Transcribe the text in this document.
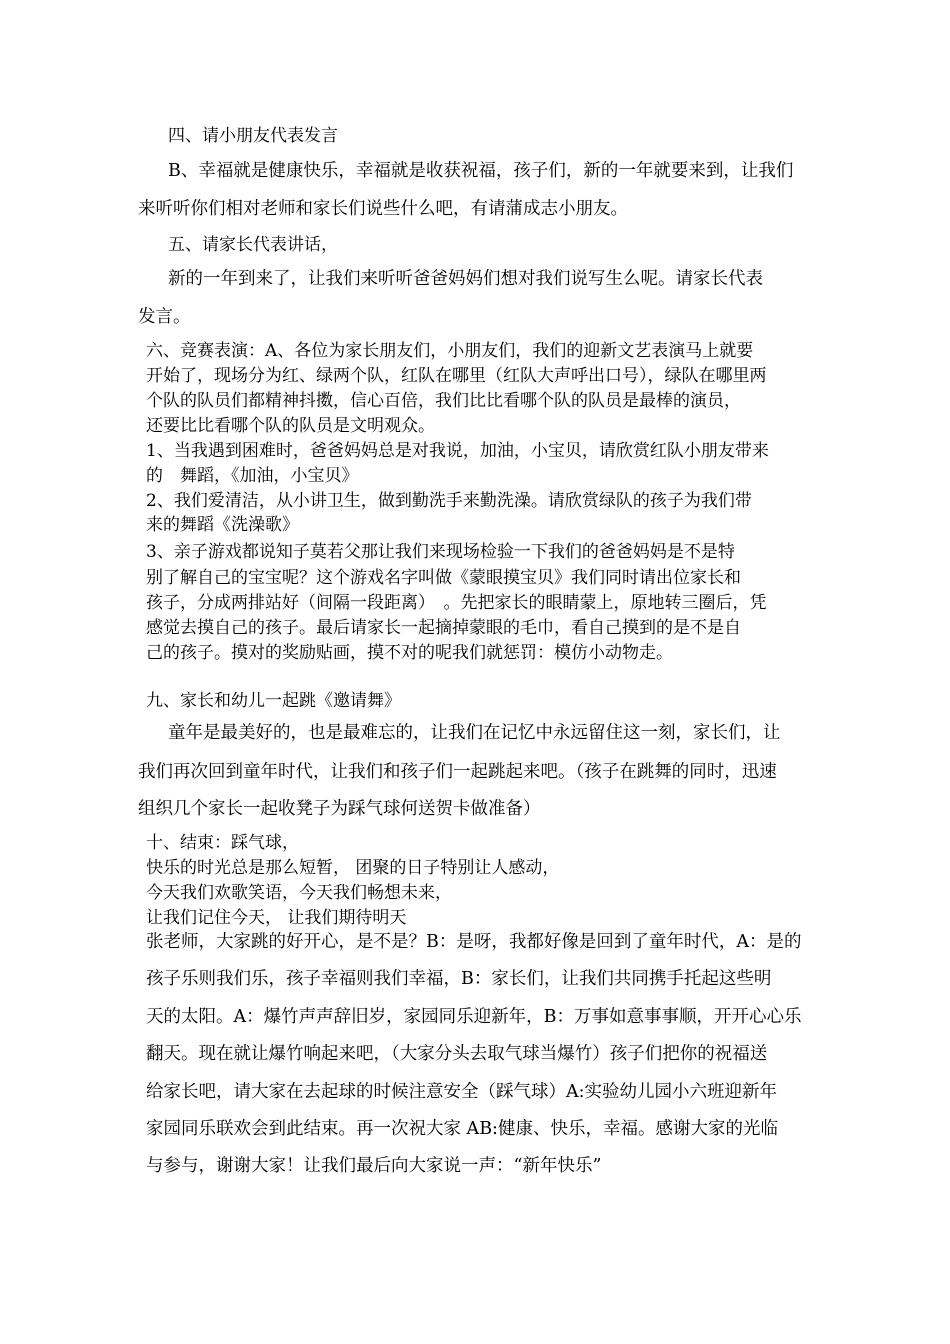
四、请小朋友代表发言

B、幸福就是健康快乐，幸福就是收获祝福，孩子们，新的一年就要来到，让我们

来听听你们相对老师和家长们说些什么吧，有请蒲成志小朋友。

五、请家长代表讲话，

新的一年到来了，让我们来听听爸爸妈妈们想对我们说写生么呢。请家长代表

发言。

六、竞赛表演：A、各位为家长朋友们，小朋友们，我们的迎新文艺表演马上就要

开始了，现场分为红、绿两个队，红队在哪里（红队大声呼出口号），绿队在哪里两

个队的队员们都精神抖擞，信心百倍，我们比比看哪个队的队员是最棒的演员，

还要比比看哪个队的队员是文明观众。

1、当我遇到困难时，爸爸妈妈总是对我说，加油，小宝贝，请欣赏红队小朋友带来

的　舞蹈，《加油，小宝贝》

2、我们爱清洁，从小讲卫生，做到勤洗手来勤洗澡。请欣赏绿队的孩子为我们带

来的舞蹈《洗澡歌》

3、亲子游戏都说知子莫若父那让我们来现场检验一下我们的爸爸妈妈是不是特

别了解自己的宝宝呢？这个游戏名字叫做《蒙眼摸宝贝》我们同时请出位家长和

孩子，分成两排站好（间隔一段距离）　。先把家长的眼睛蒙上，原地转三圈后，凭

感觉去摸自己的孩子。最后请家长一起摘掉蒙眼的毛巾，看自己摸到的是不是自

己的孩子。摸对的奖励贴画，摸不对的呢我们就惩罚：模仿小动物走。

九、家长和幼儿一起跳《邀请舞》

童年是最美好的，也是最难忘的，让我们在记忆中永远留住这一刻，家长们，让

我们再次回到童年时代，让我们和孩子们一起跳起来吧。（孩子在跳舞的同时，迅速

组织几个家长一起收凳子为踩气球何送贺卡做准备）

十、结束：踩气球，

快乐的时光总是那么短暂， 团聚的日子特别让人感动，

今天我们欢歌笑语，今天我们畅想未来，

让我们记住今天， 让我们期待明天

张老师，大家跳的好开心，是不是？B：是呀，我都好像是回到了童年时代，A：是的

孩子乐则我们乐，孩子幸福则我们幸福，B：家长们，让我们共同携手托起这些明

天的太阳。A：爆竹声声辞旧岁，家园同乐迎新年，B：万事如意事事顺，开开心心乐

翻天。现在就让爆竹响起来吧，（大家分头去取气球当爆竹）孩子们把你的祝福送

给家长吧，请大家在去起球的时候注意安全（踩气球）A:实验幼儿园小六班迎新年

家园同乐联欢会到此结束。再一次祝大家 AB:健康、快乐，幸福。感谢大家的光临

与参与，谢谢大家！让我们最后向大家说一声：“新年快乐”
